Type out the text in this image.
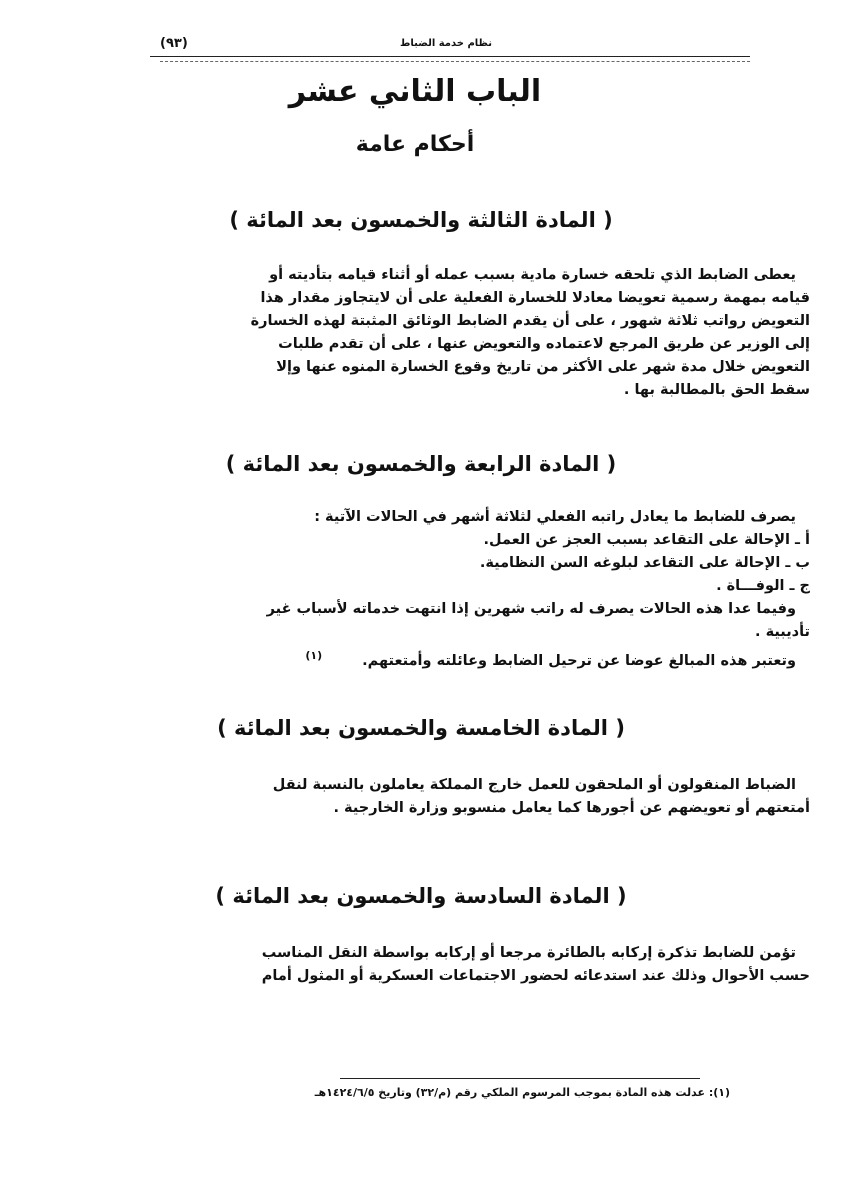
نظام خدمة الضباط
(٩٣)
الباب الثاني عشر
أحكام عامة
( المادة الثالثة والخمسون بعد المائة )
يعطى الضابط الذي تلحقه خسارة مادية بسبب عمله أو أثناء قيامه بتأديته أو
قيامه بمهمة رسمية تعويضا معادلا للخسارة الفعلية على أن لايتجاوز مقدار هذا
التعويض رواتب ثلاثة شهور ، على أن يقدم الضابط الوثائق المثبتة لهذه الخسارة
إلى الوزير عن طريق المرجع لاعتماده والتعويض عنها ، على أن تقدم طلبات
التعويض خلال مدة شهر على الأكثر من تاريخ وقوع الخسارة المنوه عنها وإلا
سقط الحق بالمطالبة بها .
( المادة الرابعة والخمسون بعد المائة )
يصرف للضابط ما يعادل راتبه الفعلي لثلاثة أشهر في الحالات الآتية :
أ ـ الإحالة على التقاعد بسبب العجز عن العمل.
ب ـ الإحالة على التقاعد لبلوغه السن النظامية.
ج ـ الوفـــاة .
وفيما عدا هذه الحالات يصرف له راتب شهرين إذا انتهت خدماته لأسباب غير
تأديبية .
وتعتبر هذه المبالغ عوضا عن ترحيل الضابط وعائلته وأمتعتهم.$^{(١)}$
( المادة الخامسة والخمسون بعد المائة )
الضباط المنقولون أو الملحقون للعمل خارج المملكة يعاملون بالنسبة لنقل
أمتعتهم أو تعويضهم عن أجورها كما يعامل منسوبو وزارة الخارجية .
( المادة السادسة والخمسون بعد المائة )
تؤمن للضابط تذكرة إركابه بالطائرة مرجعا أو إركابه بواسطة النقل المناسب
حسب الأحوال وذلك عند استدعائه لحضور الاجتماعات العسكرية أو المثول أمام
(١): عدلت هذه المادة بموجب المرسوم الملكي رقم (م/٣٢) وتاريخ ١٤٢٤/٦/٥هـ
